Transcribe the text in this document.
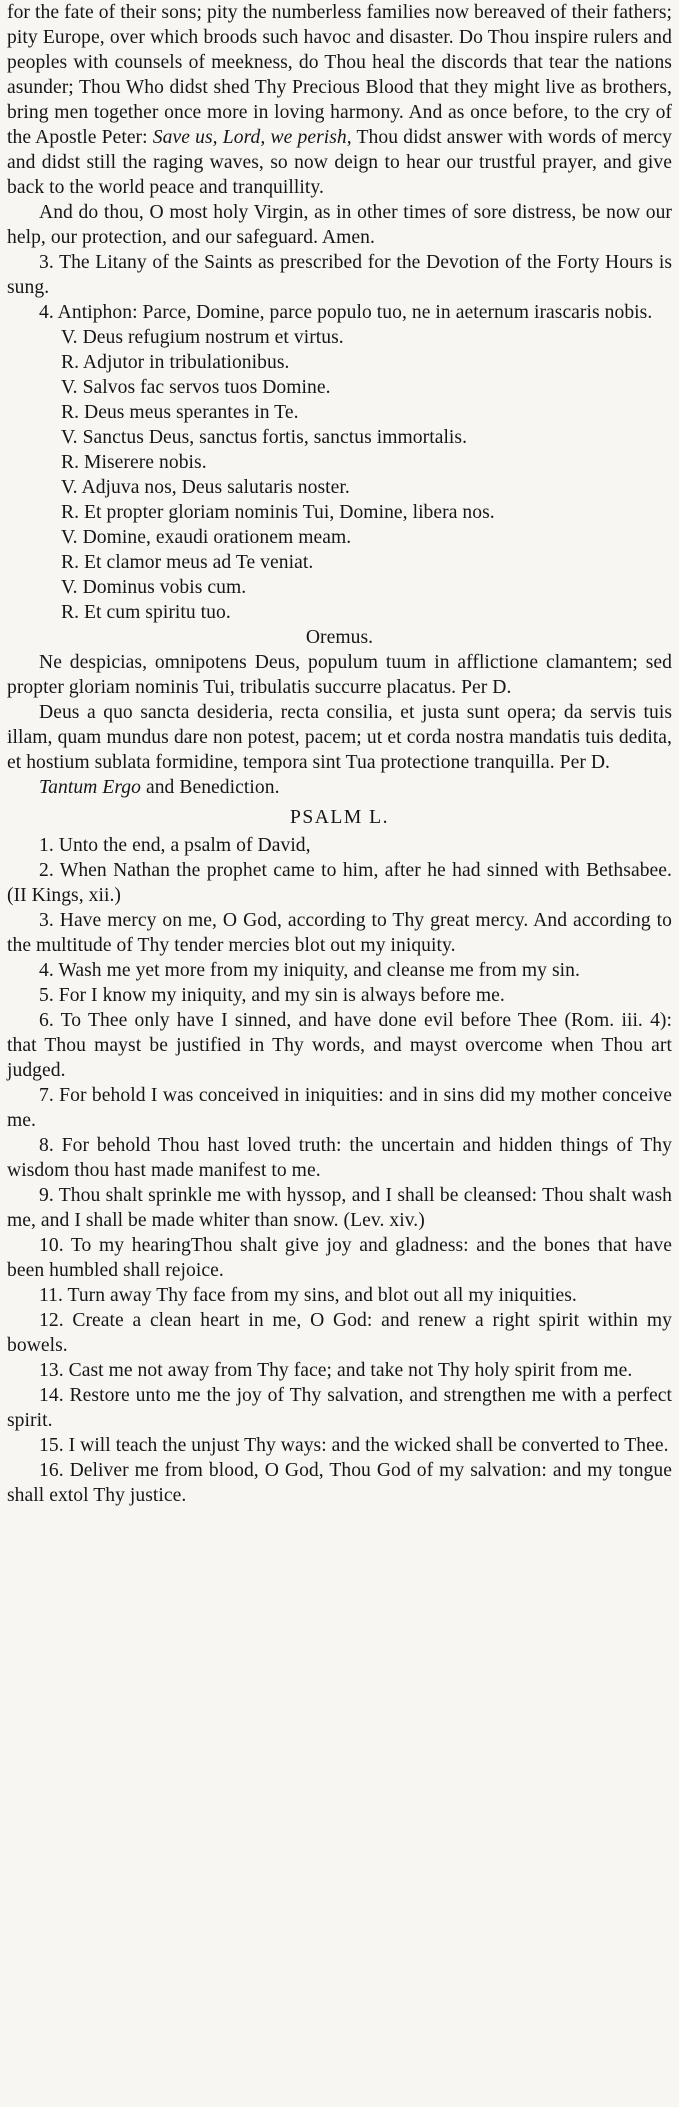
for the fate of their sons; pity the numberless families now bereaved of their fathers; pity Europe, over which broods such havoc and disaster. Do Thou inspire rulers and peoples with counsels of meekness, do Thou heal the discords that tear the nations asunder; Thou Who didst shed Thy Precious Blood that they might live as brothers, bring men together once more in loving harmony. And as once before, to the cry of the Apostle Peter: Save us, Lord, we perish, Thou didst answer with words of mercy and didst still the raging waves, so now deign to hear our trustful prayer, and give back to the world peace and tranquillity.

And do thou, O most holy Virgin, as in other times of sore distress, be now our help, our protection, and our safeguard. Amen.

3. The Litany of the Saints as prescribed for the Devotion of the Forty Hours is sung.

4. Antiphon: Parce, Domine, parce populo tuo, ne in aeternum irascaris nobis.

V. Deus refugium nostrum et virtus.

R. Adjutor in tribulationibus.

V. Salvos fac servos tuos Domine.

R. Deus meus sperantes in Te.

V. Sanctus Deus, sanctus fortis, sanctus immortalis.

R. Miserere nobis.

V. Adjuva nos, Deus salutaris noster.

R. Et propter gloriam nominis Tui, Domine, libera nos.

V. Domine, exaudi orationem meam.

R. Et clamor meus ad Te veniat.

V. Dominus vobis cum.

R. Et cum spiritu tuo.

Oremus.

Ne despicias, omnipotens Deus, populum tuum in afflictione clamantem; sed propter gloriam nominis Tui, tribulatis succurre placatus. Per D.

Deus a quo sancta desideria, recta consilia, et justa sunt opera; da servis tuis illam, quam mundus dare non potest, pacem; ut et corda nostra mandatis tuis dedita, et hostium sublata formidine, tempora sint Tua protectione tranquilla. Per D.

Tantum Ergo and Benediction.

PSALM L.

1. Unto the end, a psalm of David,

2. When Nathan the prophet came to him, after he had sinned with Bethsabee. (II Kings, xii.)

3. Have mercy on me, O God, according to Thy great mercy. And according to the multitude of Thy tender mercies blot out my iniquity.

4. Wash me yet more from my iniquity, and cleanse me from my sin.

5. For I know my iniquity, and my sin is always before me.

6. To Thee only have I sinned, and have done evil before Thee (Rom. iii. 4): that Thou mayst be justified in Thy words, and mayst overcome when Thou art judged.

7. For behold I was conceived in iniquities: and in sins did my mother conceive me.

8. For behold Thou hast loved truth: the uncertain and hidden things of Thy wisdom thou hast made manifest to me.

9. Thou shalt sprinkle me with hyssop, and I shall be cleansed: Thou shalt wash me, and I shall be made whiter than snow. (Lev. xiv.)

10. To my hearingThou shalt give joy and gladness: and the bones that have been humbled shall rejoice.

11. Turn away Thy face from my sins, and blot out all my iniquities.

12. Create a clean heart in me, O God: and renew a right spirit within my bowels.

13. Cast me not away from Thy face; and take not Thy holy spirit from me.

14. Restore unto me the joy of Thy salvation, and strengthen me with a perfect spirit.

15. I will teach the unjust Thy ways: and the wicked shall be converted to Thee.

16. Deliver me from blood, O God, Thou God of my salvation: and my tongue shall extol Thy justice.
